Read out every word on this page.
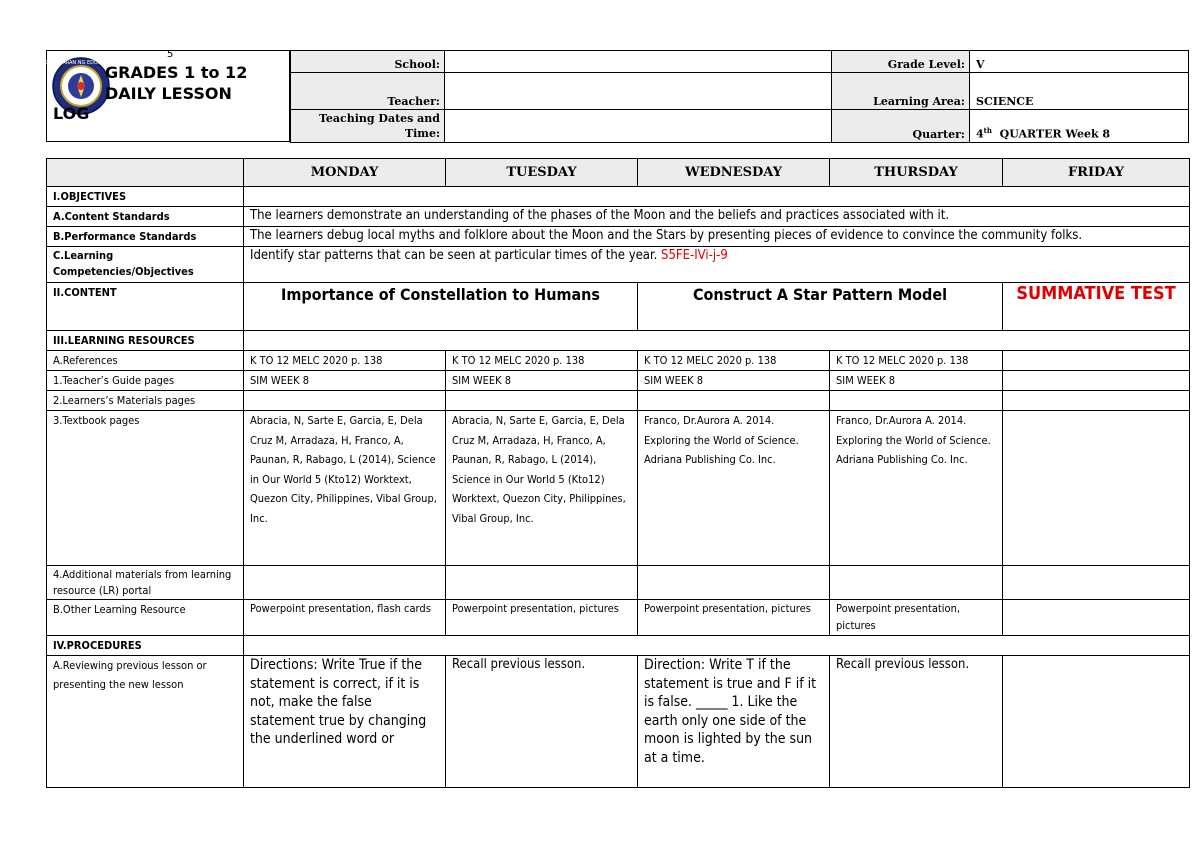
KAGAWARAN NG EDUKASYON
5
GRADES 1 to 12
DAILY LESSON
LOG
School:		Grade Level:	V
Teacher:		Learning Area:	SCIENCE
Teaching Dates and Time:		Quarter:	4th QUARTER Week 8
	MONDAY	TUESDAY	WEDNESDAY	THURSDAY	FRIDAY
I.OBJECTIVES					
A.Content Standards	The learners demonstrate an understanding of the phases of the Moon and the beliefs and practices associated with it.				
B.Performance Standards	The learners debug local myths and folklore about the Moon and the Stars by presenting pieces of evidence to convince the community folks.				
C.Learning Competencies/Objectives	Identify star patterns that can be seen at particular times of the year. S5FE-IVi-j-9				
II.CONTENT	Importance of Constellation to Humans		Construct A Star Pattern Model		SUMMATIVE TEST
III.LEARNING RESOURCES					
A.References	K TO 12 MELC 2020 p. 138	K TO 12 MELC 2020 p. 138	K TO 12 MELC 2020 p. 138	K TO 12 MELC 2020 p. 138	
1.Teacher’s Guide pages	SIM WEEK 8	SIM WEEK 8	SIM WEEK 8	SIM WEEK 8	
2.Learners’s Materials pages					
3.Textbook pages	Abracia, N, Sarte E, Garcia, E, Dela Cruz M, Arradaza, H, Franco, A, Paunan, R, Rabago, L (2014), Science in Our World 5 (Kto12) Worktext, Quezon City, Philippines, Vibal Group, Inc.	Abracia, N, Sarte E, Garcia, E, Dela Cruz M, Arradaza, H, Franco, A, Paunan, R, Rabago, L (2014), Science in Our World 5 (Kto12) Worktext, Quezon City, Philippines, Vibal Group, Inc.	Franco, Dr.Aurora A. 2014. Exploring the World of Science. Adriana Publishing Co. Inc.	Franco, Dr.Aurora A. 2014. Exploring the World of Science. Adriana Publishing Co. Inc.	
4.Additional materials from learning resource (LR) portal					
B.Other Learning Resource	Powerpoint presentation, flash cards	Powerpoint presentation, pictures	Powerpoint presentation, pictures	Powerpoint presentation, pictures	
IV.PROCEDURES					
A.Reviewing previous lesson or presenting the new lesson	Directions: Write True if the statement is correct, if it is not, make the false statement true by changing the underlined word or	Recall previous lesson.	Direction: Write T if the statement is true and F if it is false. _____ 1. Like the earth only one side of the moon is lighted by the sun at a time.	Recall previous lesson.	
